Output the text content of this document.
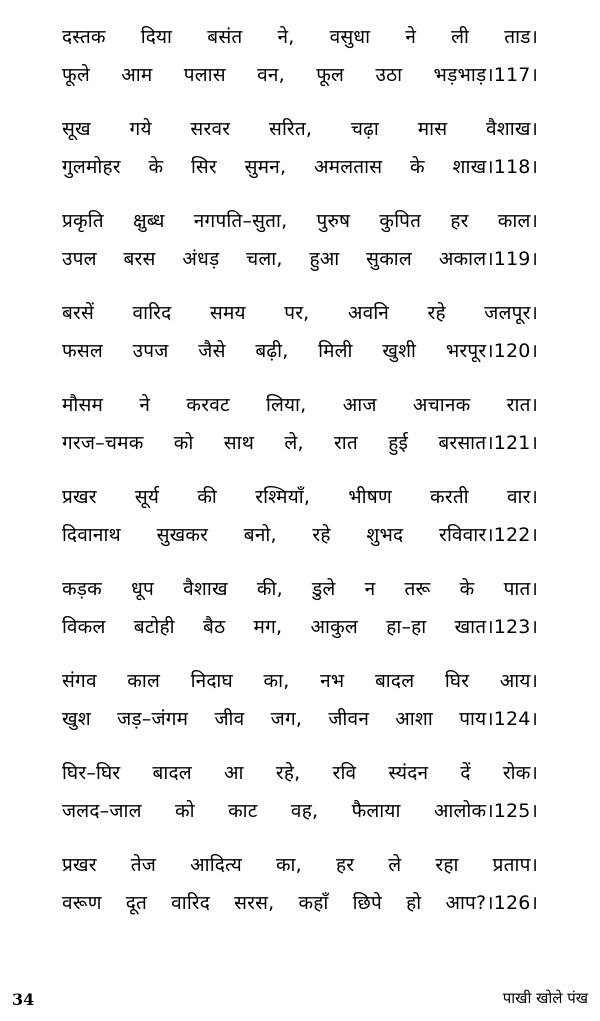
दस्तक दिया बसंत ने, वसुधा ने ली ताड।
फूले आम पलास वन, फूल उठा भड़भाड़।117।
सूख गये सरवर सरित, चढ़ा मास वैशाख।
गुलमोहर के सिर सुमन, अमलतास के शाख।118।
प्रकृति क्षुब्ध नगपति–सुता, पुरुष कुपित हर काल।
उपल बरस अंधड़ चला, हुआ सुकाल अकाल।119।
बरसें वारिद समय पर, अवनि रहे जलपूर।
फसल उपज जैसे बढ़ी, मिली खुशी भरपूर।120।
मौसम ने करवट लिया, आज अचानक रात।
गरज–चमक को साथ ले, रात हुई बरसात।121।
प्रखर सूर्य की रश्मियाँ, भीषण करती वार।
दिवानाथ सुखकर बनो, रहे शुभद रविवार।122।
कड़क धूप वैशाख की, डुले न तरू के पात।
विकल बटोही बैठ मग, आकुल हा–हा खात।123।
संगव काल निदाघ का, नभ बादल घिर आय।
खुश जड़–जंगम जीव जग, जीवन आशा पाय।124।
घिर–घिर बादल आ रहे, रवि स्यंदन दें रोक।
जलद–जाल को काट वह, फैलाया आलोक।125।
प्रखर तेज आदित्य का, हर ले रहा प्रताप।
वरूण दूत वारिद सरस, कहाँ छिपे हो आप?।126।
34	पाखी खोले पंख
